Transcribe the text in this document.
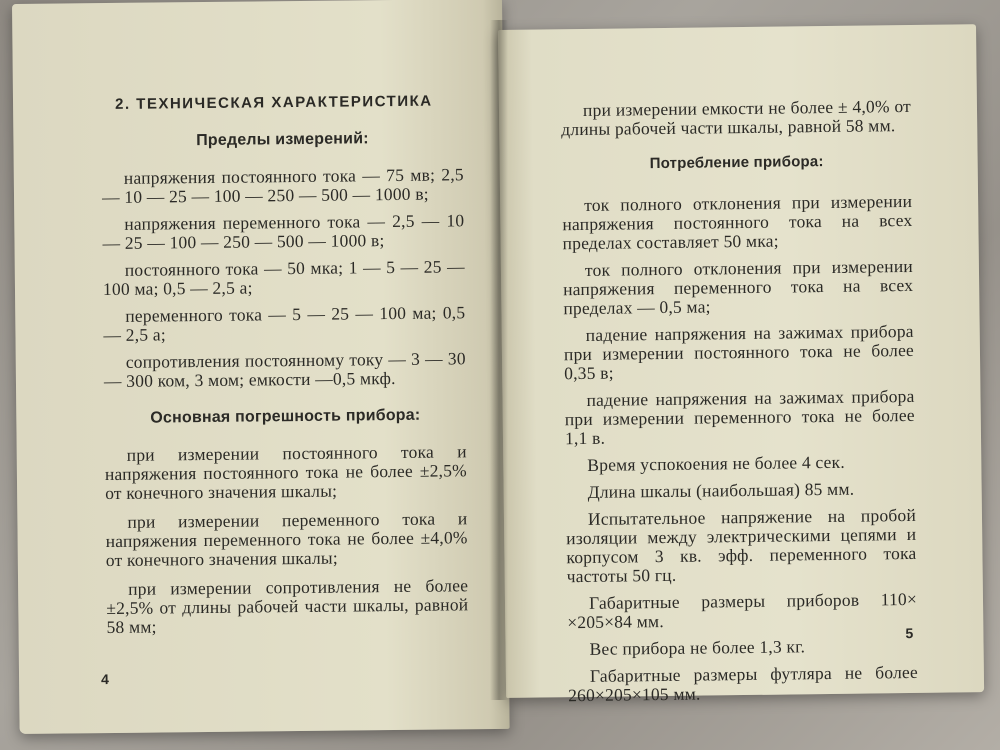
2. ТЕХНИЧЕСКАЯ ХАРАКТЕРИСТИКА
Пределы измерений:

напряжения постоянного тока — 75 мв; 2,5 — 10 — 25 — 100 — 250 — 500 — 1000 в;

напряжения переменного тока — 2,5 — 10 — 25 — 100 — 250 — 500 — 1000 в;

постоянного тока — 50 мка; 1 — 5 — 25 — 100 ма; 0,5 — 2,5 а;

переменного тока — 5 — 25 — 100 ма; 0,5 — 2,5 а;

сопротивления постоянному току — 3 — 30 — 300 ком, 3 мом; емкости —0,5 мкф.

Основная погрешность прибора:

при измерении постоянного тока и напряжения постоянного тока не более ±2,5% от конечного значения шкалы;

при измерении переменного тока и напряжения переменного тока не более ±4,0% от конечного значения шкалы;

при измерении сопротивления не более ±2,5% от длины рабочей части шкалы, равной 58 мм;

4

при измерении емкости не более ± 4,0% от длины рабочей части шкалы, равной 58 мм.

Потребление прибора:

ток полного отклонения при измерении напряжения постоянного тока на всех пределах составляет 50 мка;

ток полного отклонения при измерении напряжения переменного тока на всех пределах — 0,5 ма;

падение напряжения на зажимах прибора при измерении постоянного тока не более 0,35 в;

падение напряжения на зажимах прибора при измерении переменного тока не более 1,1 в.

Время успокоения не более 4 сек.

Длина шкалы (наибольшая) 85 мм.

Испытательное напряжение на пробой изоляции между электрическими цепями и корпусом 3 кв. эфф. переменного тока частоты 50 гц.

Габаритные размеры приборов 110× ×205×84 мм.

Вес прибора не более 1,3 кг.

Габаритные размеры футляра не более 260×205×105 мм.

5
